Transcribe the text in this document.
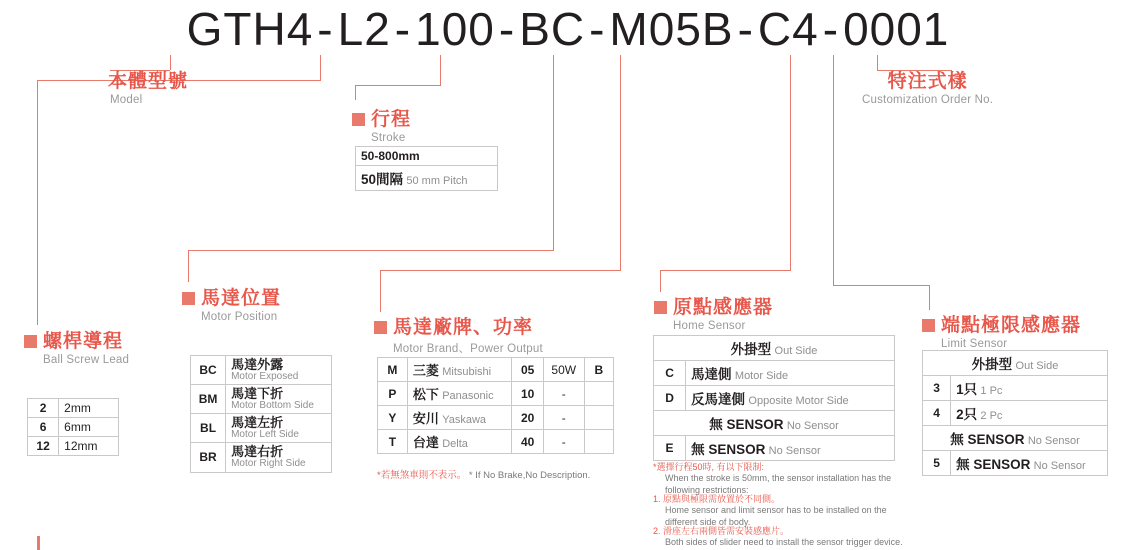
GTH4-L2-100-BC-M05B-C4-0001
本體型號
Model
特注式樣
Customization Order No.
行程
Stroke
螺桿導程
Ball Screw Lead
馬達位置
Motor Position	馬達廠牌、功率
Motor Brand、Power Output
原點感應器
Home Sensor	端點極限感應器
Limit Sensor
50-800mm
50間隔 50 mm Pitch
2	2mm
6	6mm
12	12mm
BC	馬達外露
Motor Exposed

BM	馬達下折
Motor Bottom Side

BL	馬達左折
Motor Left Side

BR	馬達右折
Motor Right Side
M	三菱 Mitsubishi	05	50W	B
P	松下 Panasonic	10	-	
Y	安川 Yaskawa	20	-	
T	台達 Delta	40	-	
*若無煞車則不表示。 * If No Brake,No Description.
外掛型 Out Side	
C	馬達側 Motor Side
D	反馬達側 Opposite Motor Side
無 SENSOR No Sensor	
E	無 SENSOR No Sensor
*選擇行程50時, 有以下限制:
When the stroke is 50mm, the sensor installation has the following restrictions:
1. 原點與極限需放置於不同側。
Home sensor and limit sensor has to be installed on the different side of body.
2. 滑座左右兩側皆需安裝感應片。
Both sides of slider need to install the sensor trigger device.
外掛型 Out Side	
3	1只 1 Pc
4	2只 2 Pc
無 SENSOR No Sensor	
5	無 SENSOR No Sensor
